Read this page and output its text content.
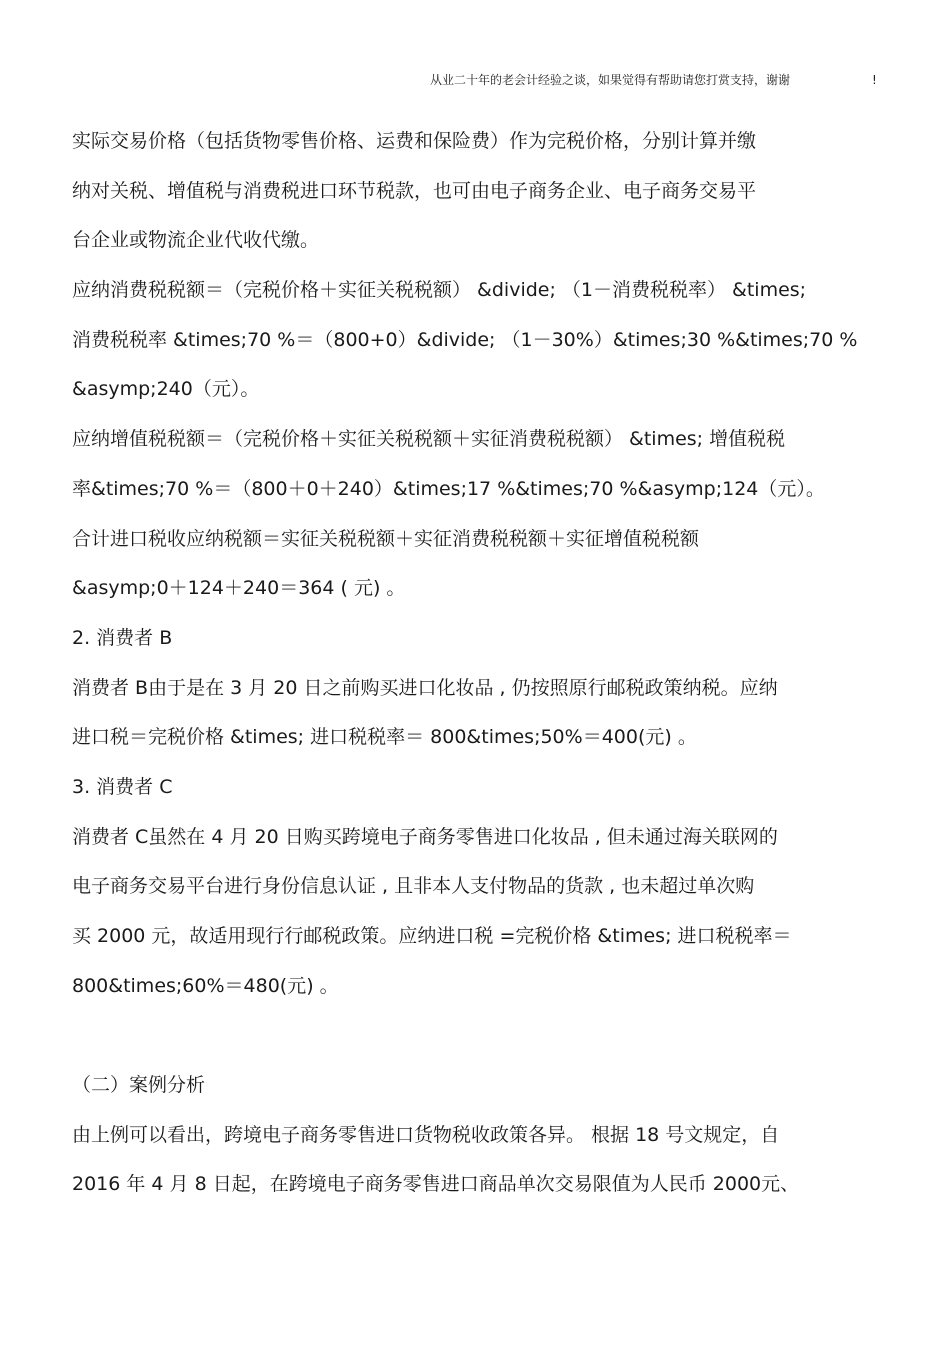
从业二十年的老会计经验之谈，如果觉得有帮助请您打赏支持，谢谢	!
实际交易价格（包括货物零售价格、运费和保险费）作为完税价格，分别计算并缴
纳对关税、增值税与消费税进口环节税款，也可由电子商务企业、电子商务交易平
台企业或物流企业代收代缴。
应纳消费税税额＝（完税价格＋实征关税税额） &divide; （1－消费税税率） &times;
消费税税率 &times;70 %＝（800+0）&divide; （1－30%）&times;30 %&times;70 %
&asymp;240（元）。
应纳增值税税额＝（完税价格＋实征关税税额＋实征消费税税额） &times; 增值税税
率&times;70 %＝（800＋0＋240）&times;17 %&times;70 %&asymp;124（元）。
合计进口税收应纳税额＝实征关税税额＋实征消费税税额＋实征增值税税额
&asymp;0＋124＋240＝364 ( 元) 。
2. 消费者 B
消费者 B由于是在 3 月 20 日之前购买进口化妆品 , 仍按照原行邮税政策纳税。应纳
进口税＝完税价格 &times; 进口税税率＝ 800&times;50%＝400(元) 。
3. 消费者 C
消费者 C虽然在 4 月 20 日购买跨境电子商务零售进口化妆品 , 但未通过海关联网的
电子商务交易平台进行身份信息认证 , 且非本人支付物品的货款 , 也未超过单次购
买 2000 元，故适用现行行邮税政策。应纳进口税 =完税价格 &times; 进口税税率＝
800&times;60%＝480(元) 。
（二）案例分析
由上例可以看出，跨境电子商务零售进口货物税收政策各异。 根据 18 号文规定，自
2016 年 4 月 8 日起，在跨境电子商务零售进口商品单次交易限值为人民币 2000元、
